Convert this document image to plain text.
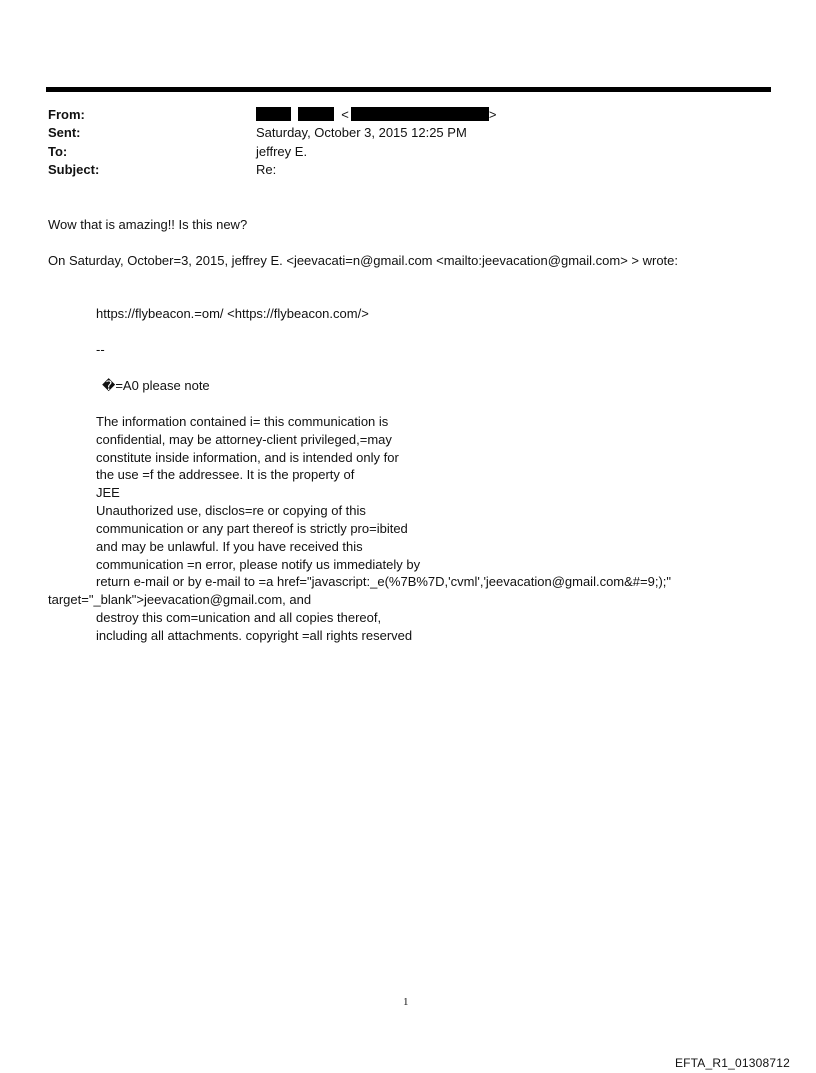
From:	<	>
Sent:	Saturday, October 3, 2015 12:25 PM
To:	jeffrey E.
Subject:	Re:
Wow that is amazing!! Is this new?
On Saturday, October=3, 2015, jeffrey E. <jeevacati=n@gmail.com <mailto:jeevacation@gmail.com> > wrote:
https://flybeacon.=om/ <https://flybeacon.com/>
--
�=A0 please note
The information contained i= this communication is
confidential, may be attorney-client privileged,=may
constitute inside information, and is intended only for
the use =f the addressee. It is the property of
JEE
Unauthorized use, disclos=re or copying of this
communication or any part thereof is strictly pro=ibited
and may be unlawful. If you have received this
communication =n error, please notify us immediately by
return e-mail or by e-mail to =a href="javascript:_e(%7B%7D,'cvml','jeevacation@gmail.com&#=9;);"
target="_blank">jeevacation@gmail.com, and
destroy this com=unication and all copies thereof,
including all attachments. copyright =all rights reserved
1
EFTA_R1_01308712
